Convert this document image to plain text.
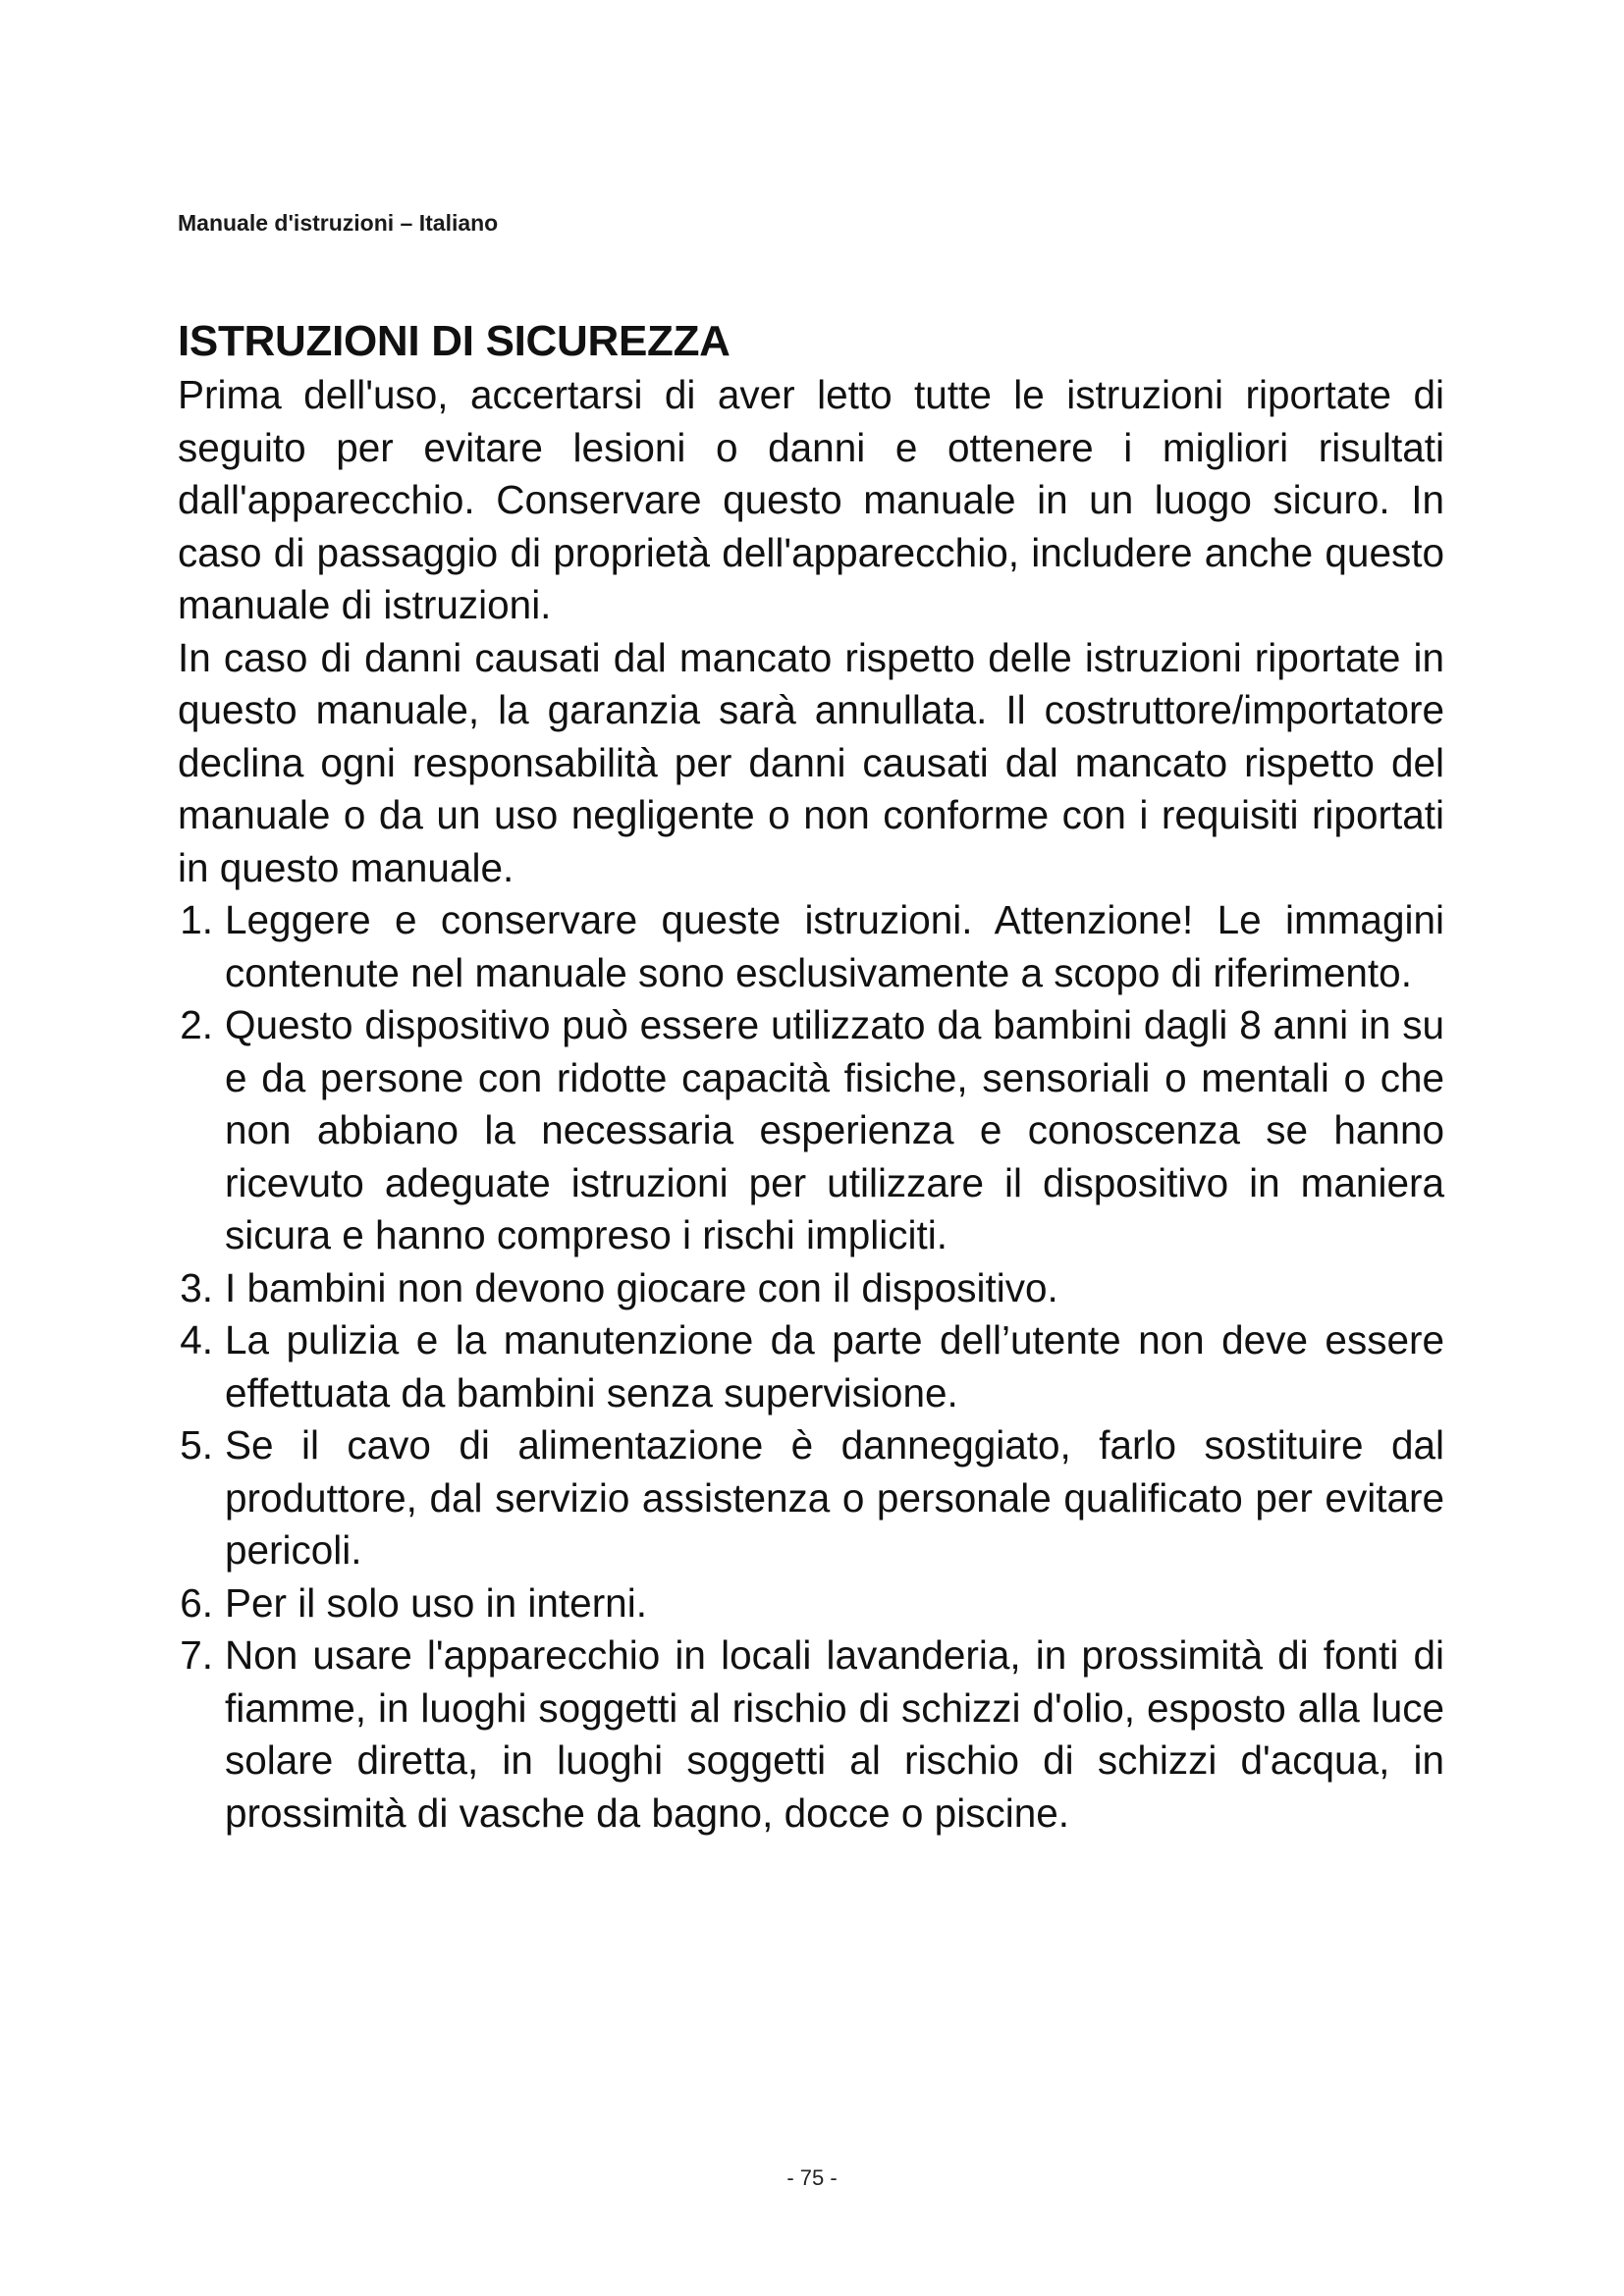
Manuale d'istruzioni – Italiano
ISTRUZIONI DI SICUREZZA

Prima dell'uso, accertarsi di aver letto tutte le istruzioni riportate di seguito per evitare lesioni o danni e ottenere i migliori risultati dall'apparecchio. Conservare questo manuale in un luogo sicuro. In caso di passaggio di proprietà dell'apparecchio, includere anche questo manuale di istruzioni.

In caso di danni causati dal mancato rispetto delle istruzioni riportate in questo manuale, la garanzia sarà annullata. Il costruttore/importatore declina ogni responsabilità per danni causati dal mancato rispetto del manuale o da un uso negligente o non conforme con i requisiti riportati in questo manuale.

1. Leggere e conservare queste istruzioni. Attenzione! Le immagini contenute nel manuale sono esclusivamente a scopo di riferimento.
2. Questo dispositivo può essere utilizzato da bambini dagli 8 anni in su e da persone con ridotte capacità fisiche, sensoriali o mentali o che non abbiano la necessaria esperienza e conoscenza se hanno ricevuto adeguate istruzioni per utilizzare il dispositivo in maniera sicura e hanno compreso i rischi impliciti.
3. I bambini non devono giocare con il dispositivo.
4. La pulizia e la manutenzione da parte dell’utente non deve essere effettuata da bambini senza supervisione.
5. Se il cavo di alimentazione è danneggiato, farlo sostituire dal produttore, dal servizio assistenza o personale qualificato per evitare pericoli.
6. Per il solo uso in interni.
7. Non usare l'apparecchio in locali lavanderia, in prossimità di fonti di fiamme, in luoghi soggetti al rischio di schizzi d'olio, esposto alla luce solare diretta, in luoghi soggetti al rischio di schizzi d'acqua, in prossimità di vasche da bagno, docce o piscine.
- 75 -
